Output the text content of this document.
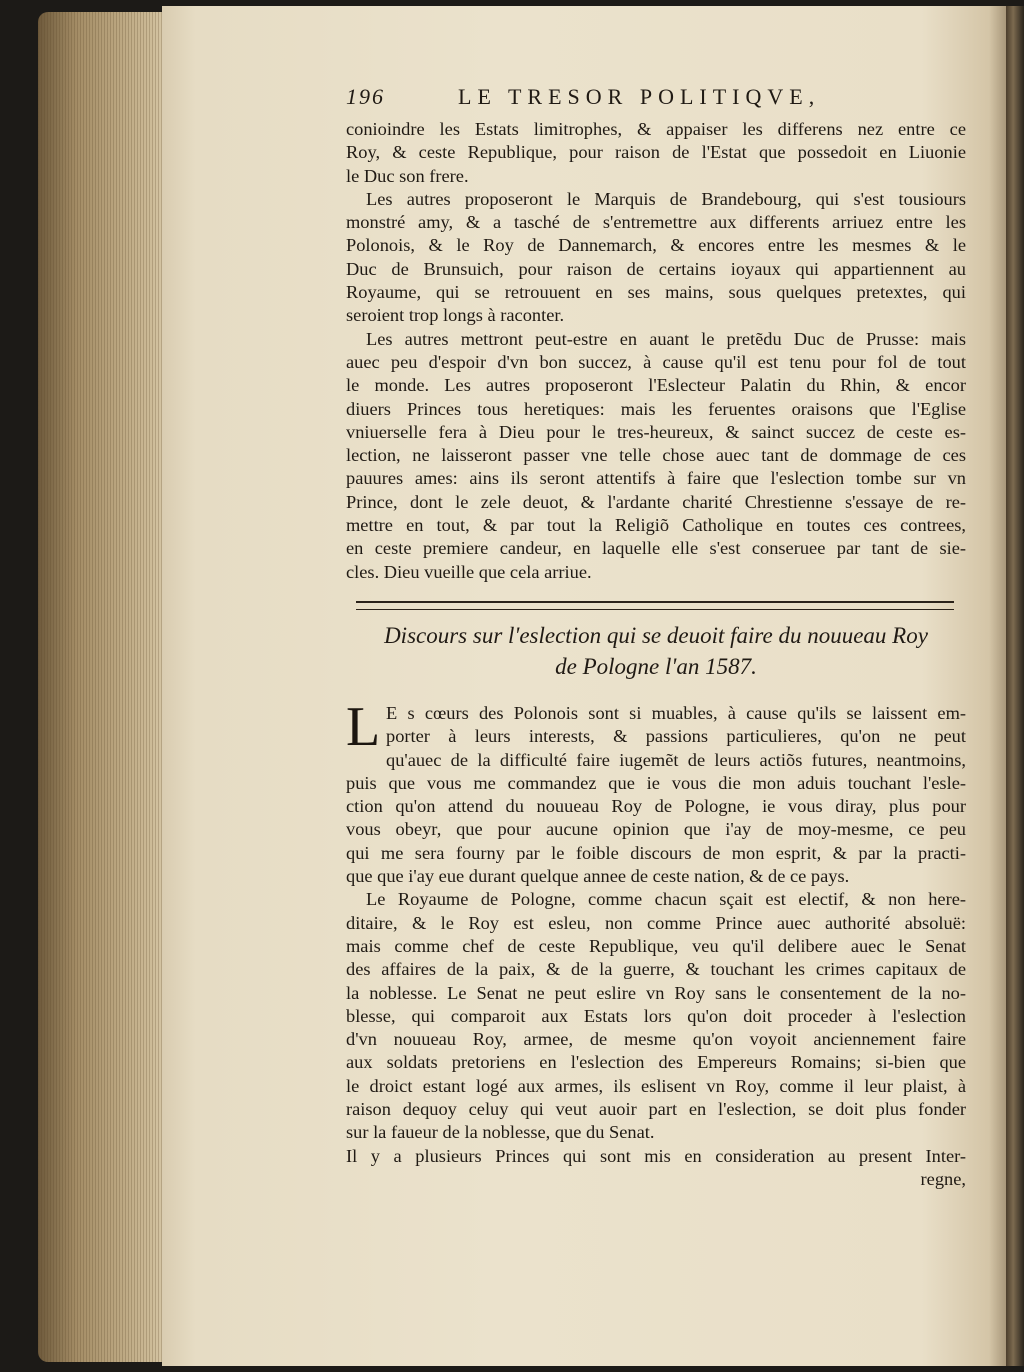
196	LE TRESOR POLITIQVE,
conioindre les Estats limitrophes, & appaiser les differens nez entre ce
Roy, & ceste Republique, pour raison de l'Estat que possedoit en Liuonie
le Duc son frere.
Les autres proposeront le Marquis de Brandebourg, qui s'est tousiours
monstré amy, & a tasché de s'entremettre aux differents arriuez entre les
Polonois, & le Roy de Dannemarch, & encores entre les mesmes & le
Duc de Brunsuich, pour raison de certains ioyaux qui appartiennent au
Royaume, qui se retrouuent en ses mains, sous quelques pretextes, qui
seroient trop longs à raconter.
Les autres mettront peut-estre en auant le pretẽdu Duc de Prusse: mais
auec peu d'espoir d'vn bon succez, à cause qu'il est tenu pour fol de tout
le monde. Les autres proposeront l'Eslecteur Palatin du Rhin, & encor
diuers Princes tous heretiques: mais les feruentes oraisons que l'Eglise
vniuerselle fera à Dieu pour le tres-heureux, & sainct succez de ceste es-
lection, ne laisseront passer vne telle chose auec tant de dommage de ces
pauures ames: ains ils seront attentifs à faire que l'eslection tombe sur vn
Prince, dont le zele deuot, & l'ardante charité Chrestienne s'essaye de re-
mettre en tout, & par tout la Religiõ Catholique en toutes ces contrees,
en ceste premiere candeur, en laquelle elle s'est conseruee par tant de sie-
cles. Dieu vueille que cela arriue.
Discours sur l'eslection qui se deuoit faire du nouueau Roy
de Pologne l'an 1587.
L E s cœurs des Polonois sont si muables, à cause qu'ils se laissent em-
porter à leurs interests, & passions particulieres, qu'on ne peut
qu'auec de la difficulté faire iugemẽt de leurs actiõs futures, neantmoins,
puis que vous me commandez que ie vous die mon aduis touchant l'esle-
ction qu'on attend du nouueau Roy de Pologne, ie vous diray, plus pour
vous obeyr, que pour aucune opinion que i'ay de moy-mesme, ce peu
qui me sera fourny par le foible discours de mon esprit, & par la practi-
que que i'ay eue durant quelque annee de ceste nation, & de ce pays.
Le Royaume de Pologne, comme chacun sçait est electif, & non here-
ditaire, & le Roy est esleu, non comme Prince auec authorité absoluë:
mais comme chef de ceste Republique, veu qu'il delibere auec le Senat
des affaires de la paix, & de la guerre, & touchant les crimes capitaux de
la noblesse. Le Senat ne peut eslire vn Roy sans le consentement de la no-
blesse, qui comparoit aux Estats lors qu'on doit proceder à l'eslection
d'vn nouueau Roy, armee, de mesme qu'on voyoit anciennement faire
aux soldats pretoriens en l'eslection des Empereurs Romains; si-bien que
le droict estant logé aux armes, ils eslisent vn Roy, comme il leur plaist, à
raison dequoy celuy qui veut auoir part en l'eslection, se doit plus fonder
sur la faueur de la noblesse, que du Senat.
Il y a plusieurs Princes qui sont mis en consideration au present Inter-
regne,
